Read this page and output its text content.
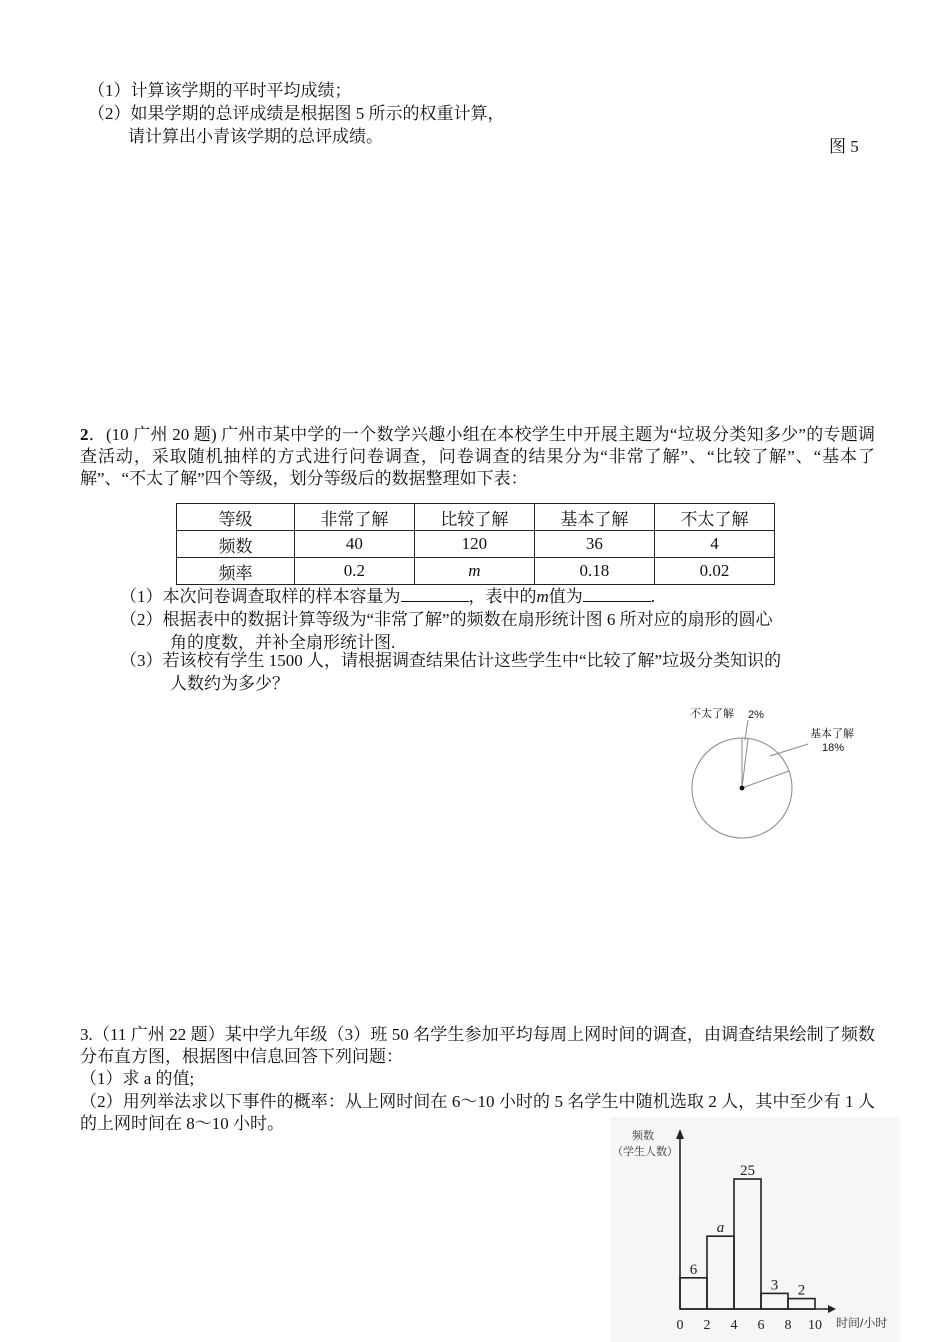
（1）计算该学期的平时平均成绩；
（2）如果学期的总评成绩是根据图 5 所示的权重计算，
请计算出小青该学期的总评成绩。
图 5
2．(10 广州 20 题) 广州市某中学的一个数学兴趣小组在本校学生中开展主题为“垃圾分类知多少”的专题调查活动，采取随机抽样的方式进行问卷调查，问卷调查的结果分为“非常了解”、“比较了解”、“基本了解”、“不太了解”四个等级，划分等级后的数据整理如下表：
等级	非常了解	比较了解	基本了解	不太了解
频数	40	120	36	4
频率	0.2	m	0.18	0.02
（1）本次问卷调查取样的样本容量为	，表中的m值为	.
（2）根据表中的数据计算等级为“非常了解”的频数在扇形统计图 6 所对应的扇形的圆心
角的度数，并补全扇形统计图.
（3）若该校有学生 1500 人，请根据调查结果估计这些学生中“比较了解”垃圾分类知识的
人数约为多少？
不太了解 2%
基本了解
18%
3.（11 广州 22 题）某中学九年级（3）班 50 名学生参加平均每周上网时间的调查，由调查结果绘制了频数分布直方图，根据图中信息回答下列问题：
（1）求 a 的值;
（2）用列举法求以下事件的概率：从上网时间在 6～10 小时的 5 名学生中随机选取 2 人，其中至少有 1 人的上网时间在 8～10 小时。
0 2 4 6 8 10
6
a
25
3 2
频数
（学生人数）
时间/小时
